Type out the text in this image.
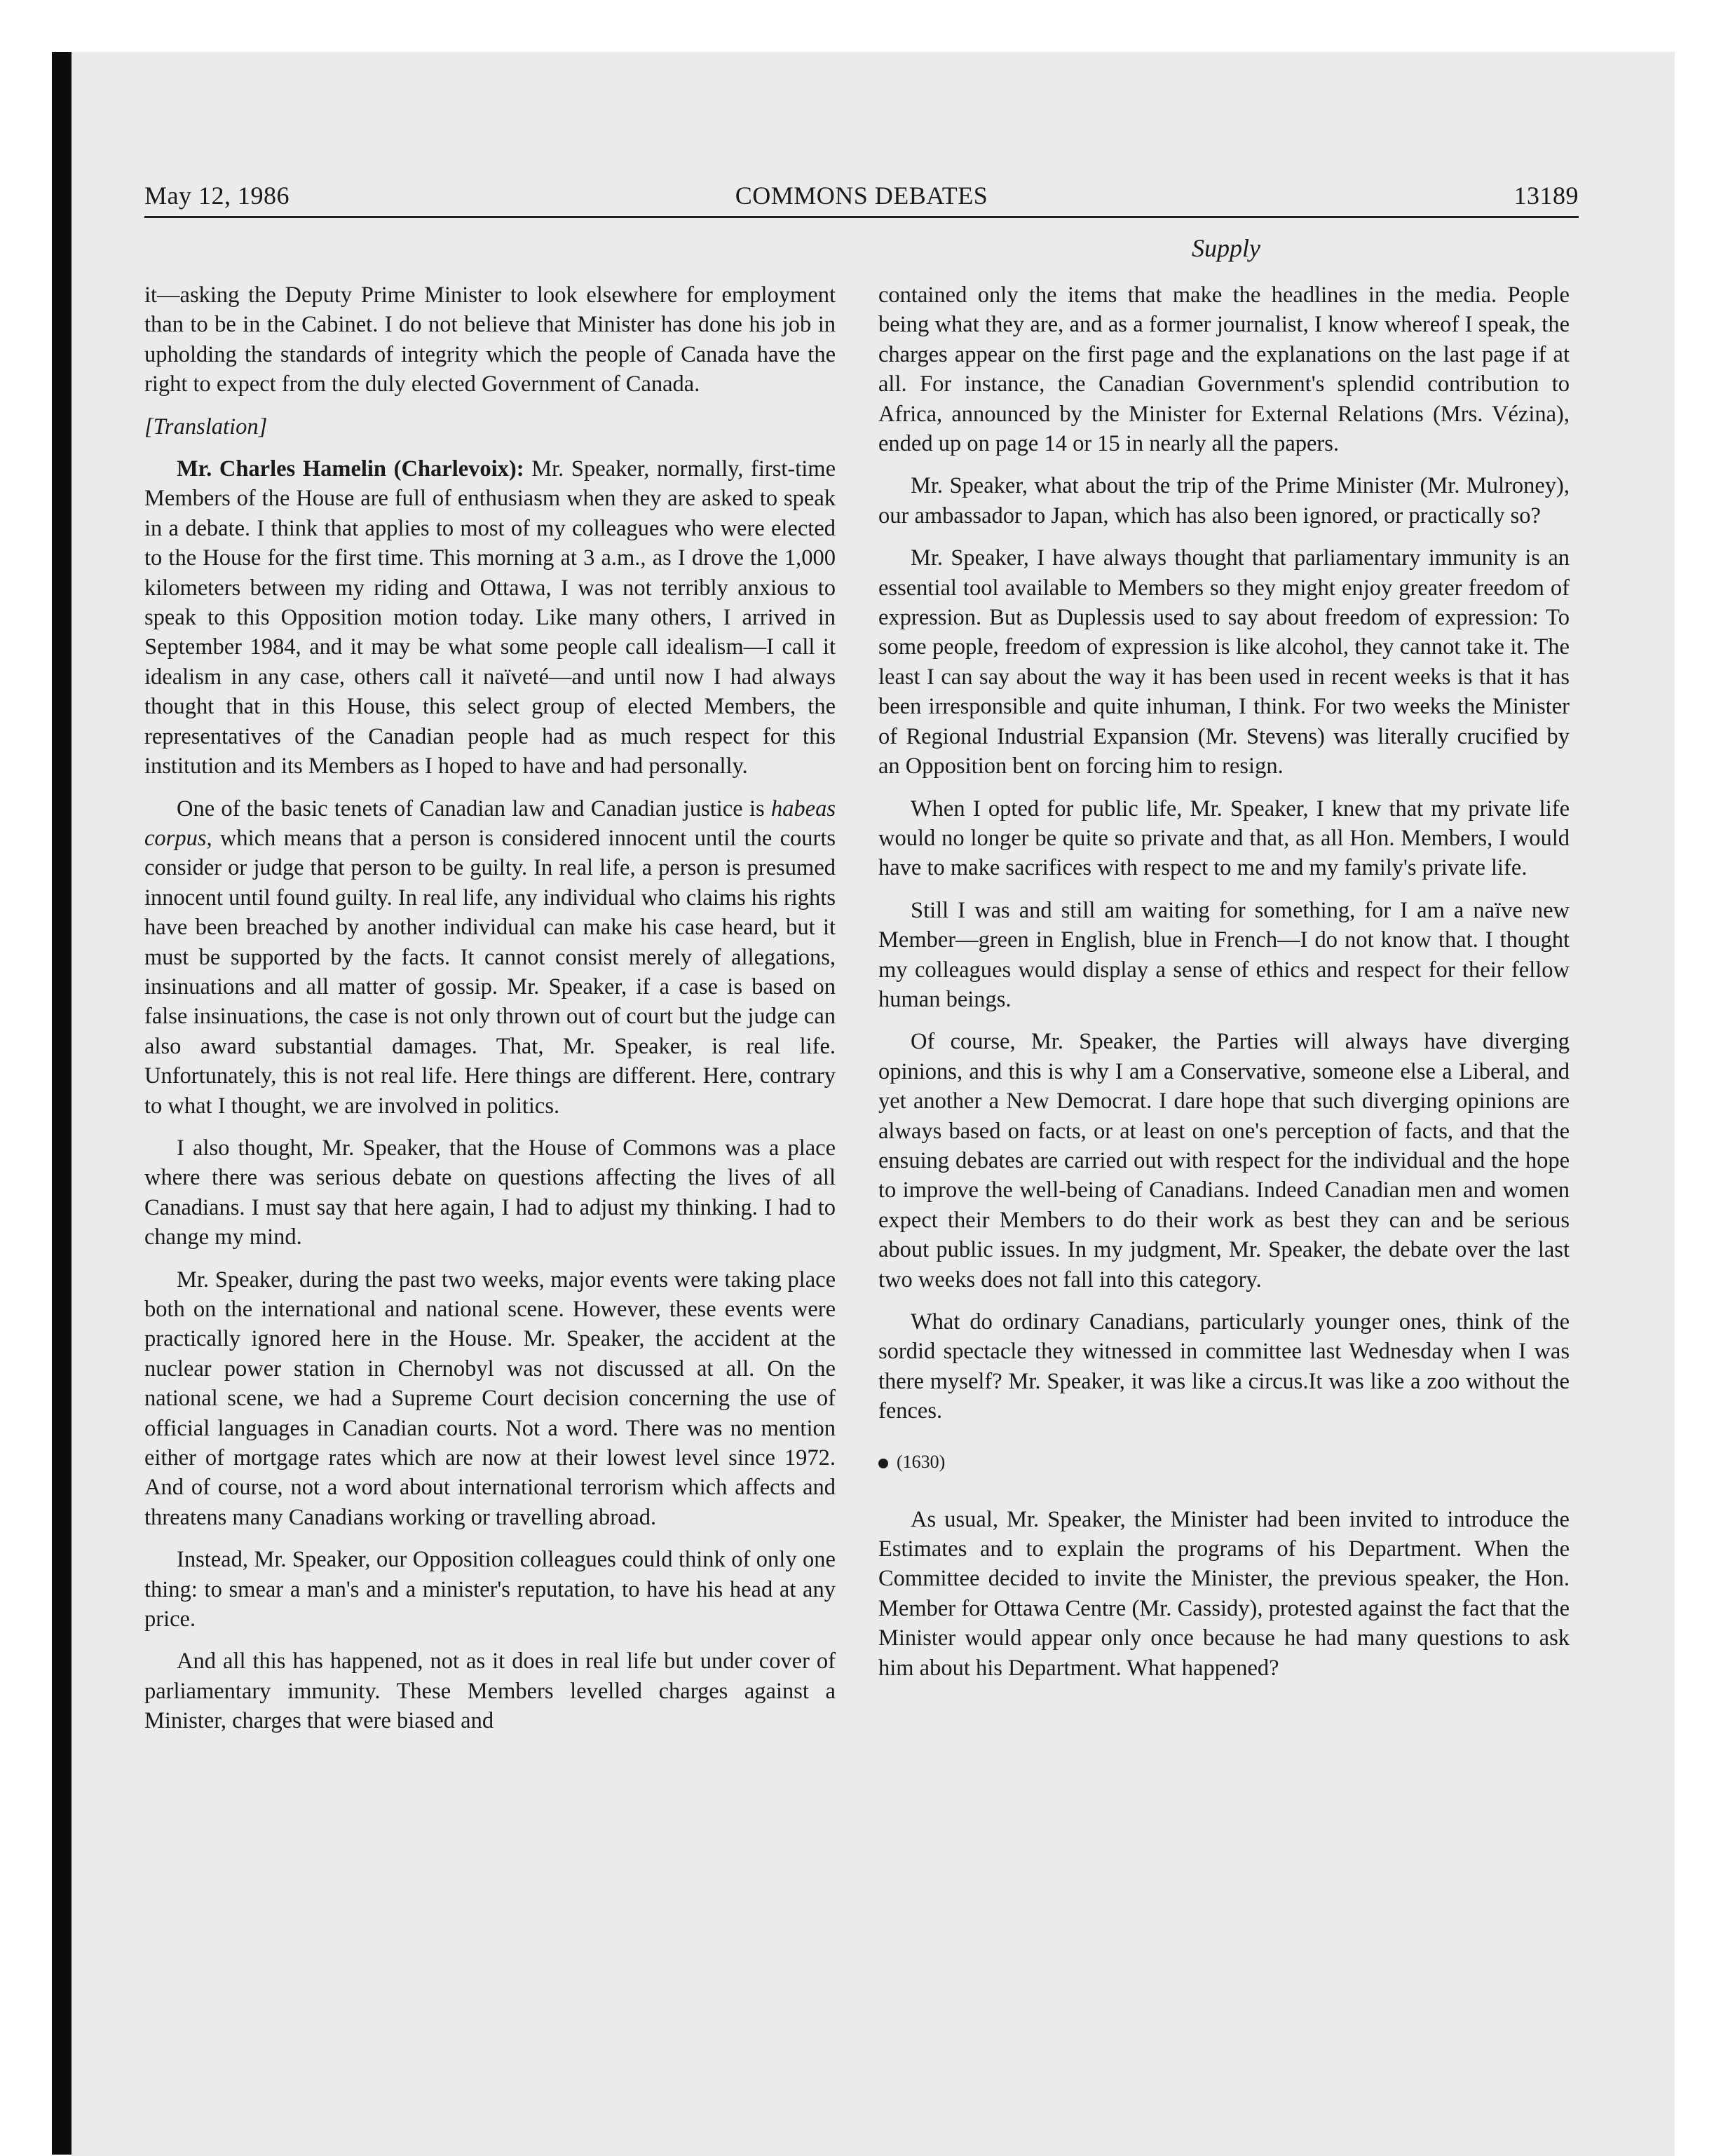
May 12, 1986	COMMONS DEBATES	13189
Supply

it—asking the Deputy Prime Minister to look elsewhere for employment than to be in the Cabinet. I do not believe that Minister has done his job in upholding the standards of integrity which the people of Canada have the right to expect from the duly elected Government of Canada.

[Translation]

Mr. Charles Hamelin (Charlevoix): Mr. Speaker, normally, first-time Members of the House are full of enthusiasm when they are asked to speak in a debate. I think that applies to most of my colleagues who were elected to the House for the first time. This morning at 3 a.m., as I drove the 1,000 kilometers between my riding and Ottawa, I was not terribly anxious to speak to this Opposition motion today. Like many others, I arrived in September 1984, and it may be what some people call idealism—I call it idealism in any case, others call it naïveté—and until now I had always thought that in this House, this select group of elected Members, the representatives of the Canadian people had as much respect for this institution and its Members as I hoped to have and had personally.

One of the basic tenets of Canadian law and Canadian justice is habeas corpus, which means that a person is considered innocent until the courts consider or judge that person to be guilty. In real life, a person is presumed innocent until found guilty. In real life, any individual who claims his rights have been breached by another individual can make his case heard, but it must be supported by the facts. It cannot consist merely of allegations, insinuations and all matter of gossip. Mr. Speaker, if a case is based on false insinuations, the case is not only thrown out of court but the judge can also award substantial damages. That, Mr. Speaker, is real life. Unfortunately, this is not real life. Here things are different. Here, contrary to what I thought, we are involved in politics.

I also thought, Mr. Speaker, that the House of Commons was a place where there was serious debate on questions affecting the lives of all Canadians. I must say that here again, I had to adjust my thinking. I had to change my mind.

Mr. Speaker, during the past two weeks, major events were taking place both on the international and national scene. However, these events were practically ignored here in the House. Mr. Speaker, the accident at the nuclear power station in Chernobyl was not discussed at all. On the national scene, we had a Supreme Court decision concerning the use of official languages in Canadian courts. Not a word. There was no mention either of mortgage rates which are now at their lowest level since 1972. And of course, not a word about international terrorism which affects and threatens many Canadians working or travelling abroad.

Instead, Mr. Speaker, our Opposition colleagues could think of only one thing: to smear a man's and a minister's reputation, to have his head at any price.

And all this has happened, not as it does in real life but under cover of parliamentary immunity. These Members levelled charges against a Minister, charges that were biased and

contained only the items that make the headlines in the media. People being what they are, and as a former journalist, I know whereof I speak, the charges appear on the first page and the explanations on the last page if at all. For instance, the Canadian Government's splendid contribution to Africa, announced by the Minister for External Relations (Mrs. Vézina), ended up on page 14 or 15 in nearly all the papers.

Mr. Speaker, what about the trip of the Prime Minister (Mr. Mulroney), our ambassador to Japan, which has also been ignored, or practically so?

Mr. Speaker, I have always thought that parliamentary immunity is an essential tool available to Members so they might enjoy greater freedom of expression. But as Duplessis used to say about freedom of expression: To some people, freedom of expression is like alcohol, they cannot take it. The least I can say about the way it has been used in recent weeks is that it has been irresponsible and quite inhuman, I think. For two weeks the Minister of Regional Industrial Expansion (Mr. Stevens) was literally crucified by an Opposition bent on forcing him to resign.

When I opted for public life, Mr. Speaker, I knew that my private life would no longer be quite so private and that, as all Hon. Members, I would have to make sacrifices with respect to me and my family's private life.

Still I was and still am waiting for something, for I am a naïve new Member—green in English, blue in French—I do not know that. I thought my colleagues would display a sense of ethics and respect for their fellow human beings.

Of course, Mr. Speaker, the Parties will always have diverging opinions, and this is why I am a Conservative, someone else a Liberal, and yet another a New Democrat. I dare hope that such diverging opinions are always based on facts, or at least on one's perception of facts, and that the ensuing debates are carried out with respect for the individual and the hope to improve the well-being of Canadians. Indeed Canadian men and women expect their Members to do their work as best they can and be serious about public issues. In my judgment, Mr. Speaker, the debate over the last two weeks does not fall into this category.

What do ordinary Canadians, particularly younger ones, think of the sordid spectacle they witnessed in committee last Wednesday when I was there myself? Mr. Speaker, it was like a circus.It was like a zoo without the fences.

(1630)

As usual, Mr. Speaker, the Minister had been invited to introduce the Estimates and to explain the programs of his Department. When the Committee decided to invite the Minister, the previous speaker, the Hon. Member for Ottawa Centre (Mr. Cassidy), protested against the fact that the Minister would appear only once because he had many questions to ask him about his Department. What happened?
